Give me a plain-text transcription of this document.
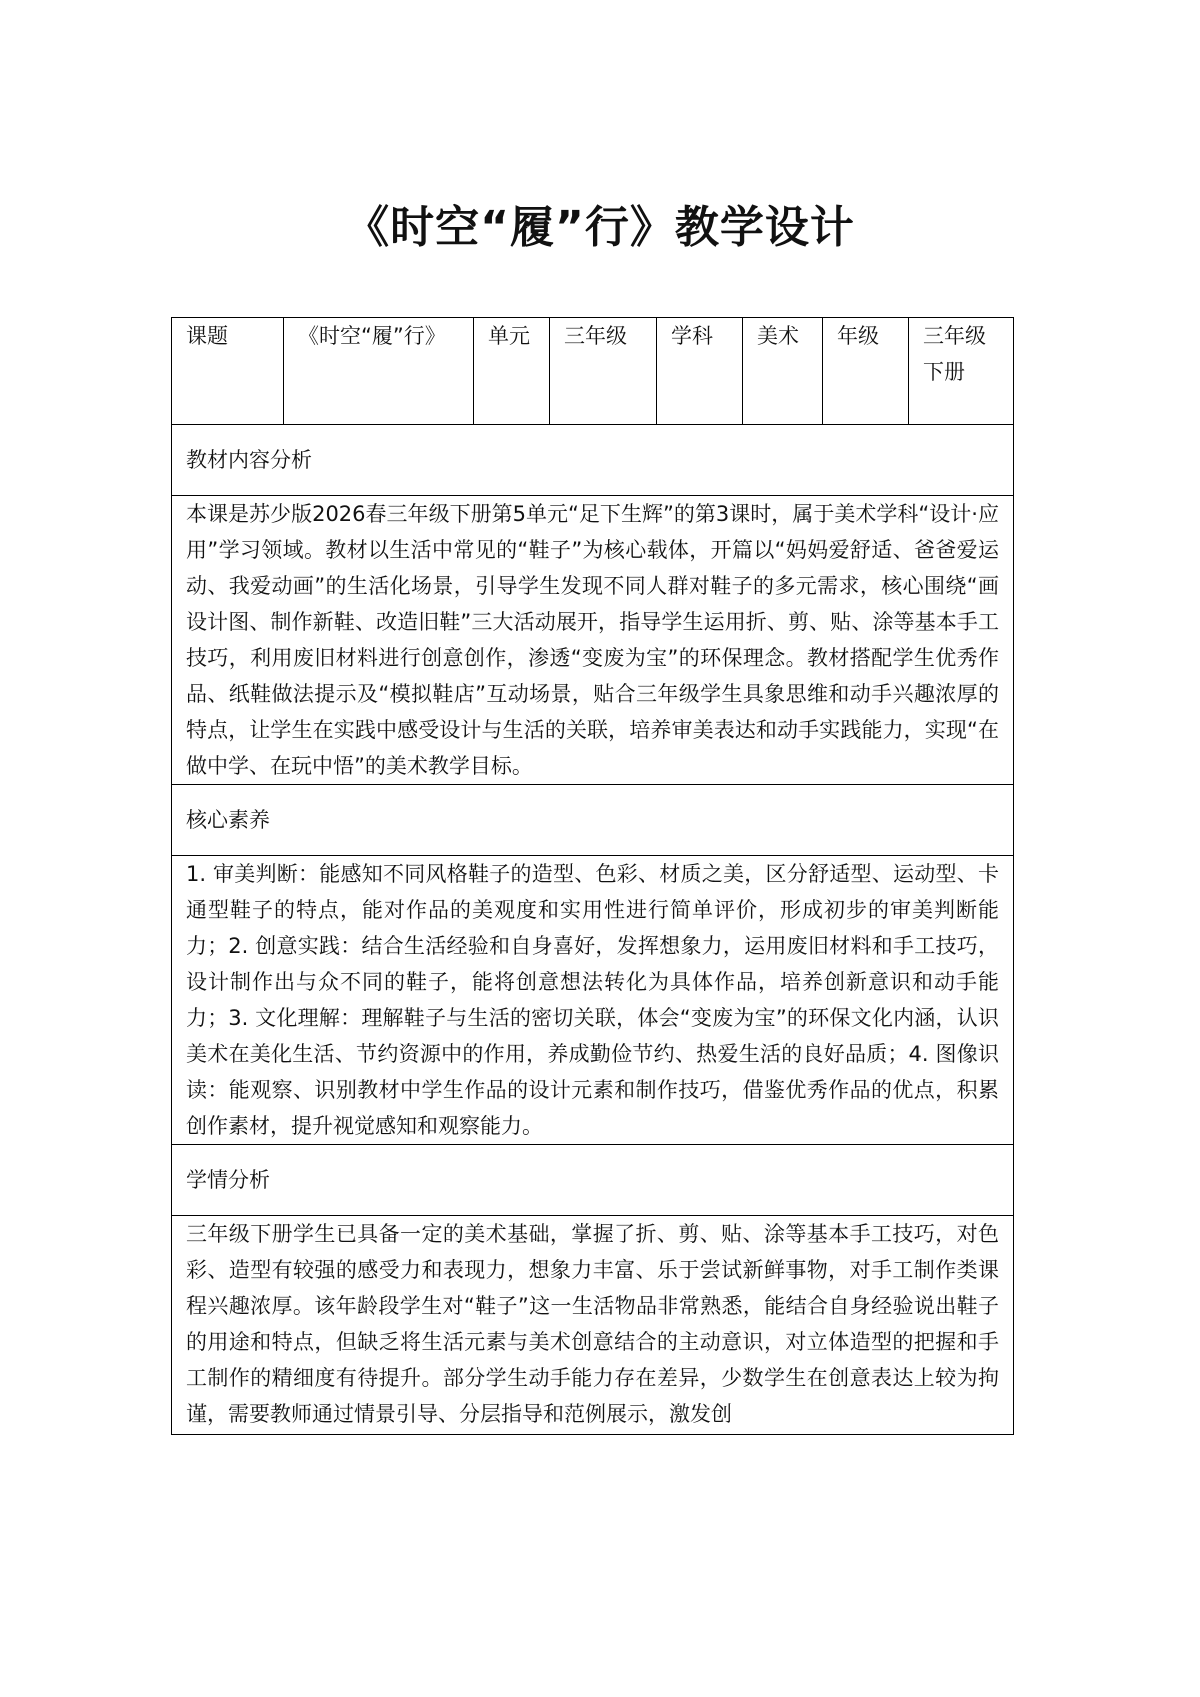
《时空“履”行》教学设计
课题	《时空“履”行》	单元	三年级	学科	美术	年级	三年级下册
教材内容分析
本课是苏少版2026春三年级下册第5单元“足下生辉”的第3课时，属于美术学科“设计·应用”学习领域。教材以生活中常见的“鞋子”为核心载体，开篇以“妈妈爱舒适、爸爸爱运动、我爱动画”的生活化场景，引导学生发现不同人群对鞋子的多元需求，核心围绕“画设计图、制作新鞋、改造旧鞋”三大活动展开，指导学生运用折、剪、贴、涂等基本手工技巧，利用废旧材料进行创意创作，渗透“变废为宝”的环保理念。教材搭配学生优秀作品、纸鞋做法提示及“模拟鞋店”互动场景，贴合三年级学生具象思维和动手兴趣浓厚的特点，让学生在实践中感受设计与生活的关联，培养审美表达和动手实践能力，实现“在做中学、在玩中悟”的美术教学目标。
核心素养
1. 审美判断：能感知不同风格鞋子的造型、色彩、材质之美，区分舒适型、运动型、卡通型鞋子的特点，能对作品的美观度和实用性进行简单评价，形成初步的审美判断能力；2. 创意实践：结合生活经验和自身喜好，发挥想象力，运用废旧材料和手工技巧，设计制作出与众不同的鞋子，能将创意想法转化为具体作品，培养创新意识和动手能力；3. 文化理解：理解鞋子与生活的密切关联，体会“变废为宝”的环保文化内涵，认识美术在美化生活、节约资源中的作用，养成勤俭节约、热爱生活的良好品质；4. 图像识读：能观察、识别教材中学生作品的设计元素和制作技巧，借鉴优秀作品的优点，积累创作素材，提升视觉感知和观察能力。
学情分析
三年级下册学生已具备一定的美术基础，掌握了折、剪、贴、涂等基本手工技巧，对色彩、造型有较强的感受力和表现力，想象力丰富、乐于尝试新鲜事物，对手工制作类课程兴趣浓厚。该年龄段学生对“鞋子”这一生活物品非常熟悉，能结合自身经验说出鞋子的用途和特点，但缺乏将生活元素与美术创意结合的主动意识，对立体造型的把握和手工制作的精细度有待提升。部分学生动手能力存在差异，少数学生在创意表达上较为拘谨，需要教师通过情景引导、分层指导和范例展示，激发创
